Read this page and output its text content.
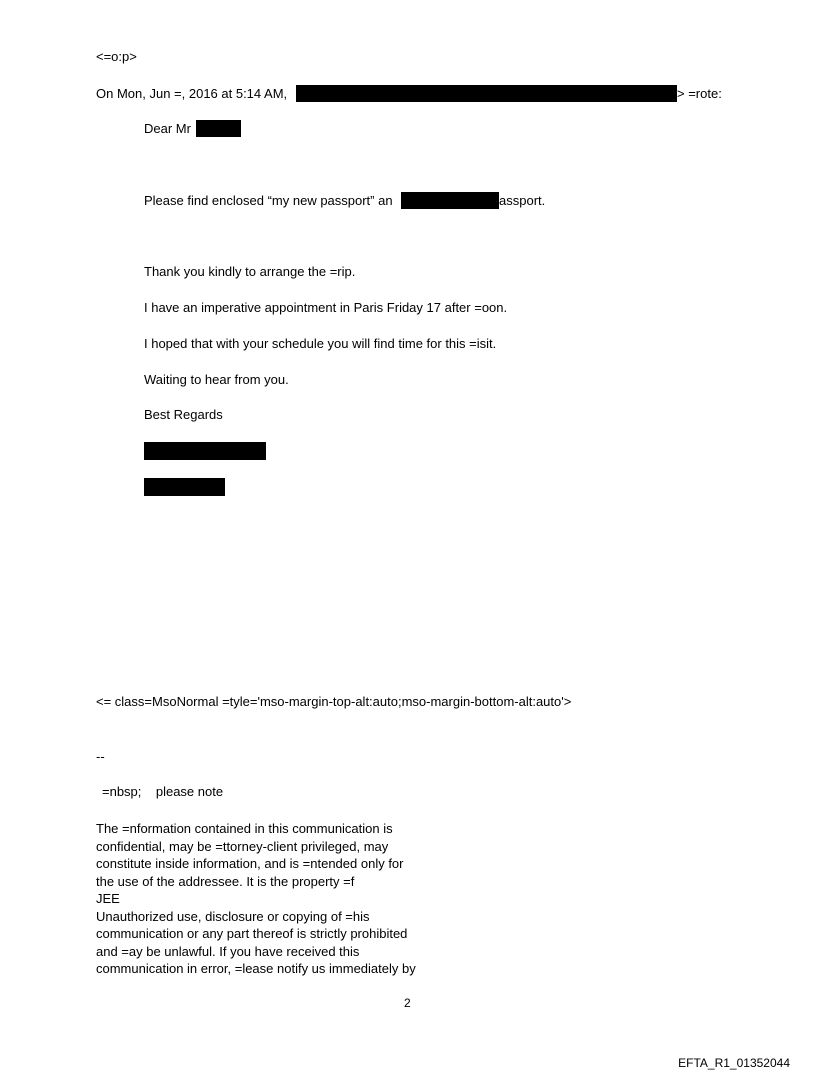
<=o:p>
On Mon, Jun =, 2016 at 5:14 AM,	> =rote:
Dear Mr
Please find enclosed “my new passport” an	assport.
Thank you kindly to arrange the =rip.
I have an imperative appointment in Paris Friday 17 after =oon.
I hoped that with your schedule you will find time for this =isit.
Waiting to hear from you.
Best Regards
<= class=MsoNormal =tyle='mso-margin-top-alt:auto;mso-margin-bottom-alt:auto'>
--
=nbsp;    please note
The =nformation contained in this communication is
confidential, may be =ttorney-client privileged, may
constitute inside information, and is =ntended only for
the use of the addressee. It is the property =f
JEE
Unauthorized use, disclosure or copying of =his
communication or any part thereof is strictly prohibited
and =ay be unlawful. If you have received this
communication in error, =lease notify us immediately by
2
EFTA_R1_01352044
